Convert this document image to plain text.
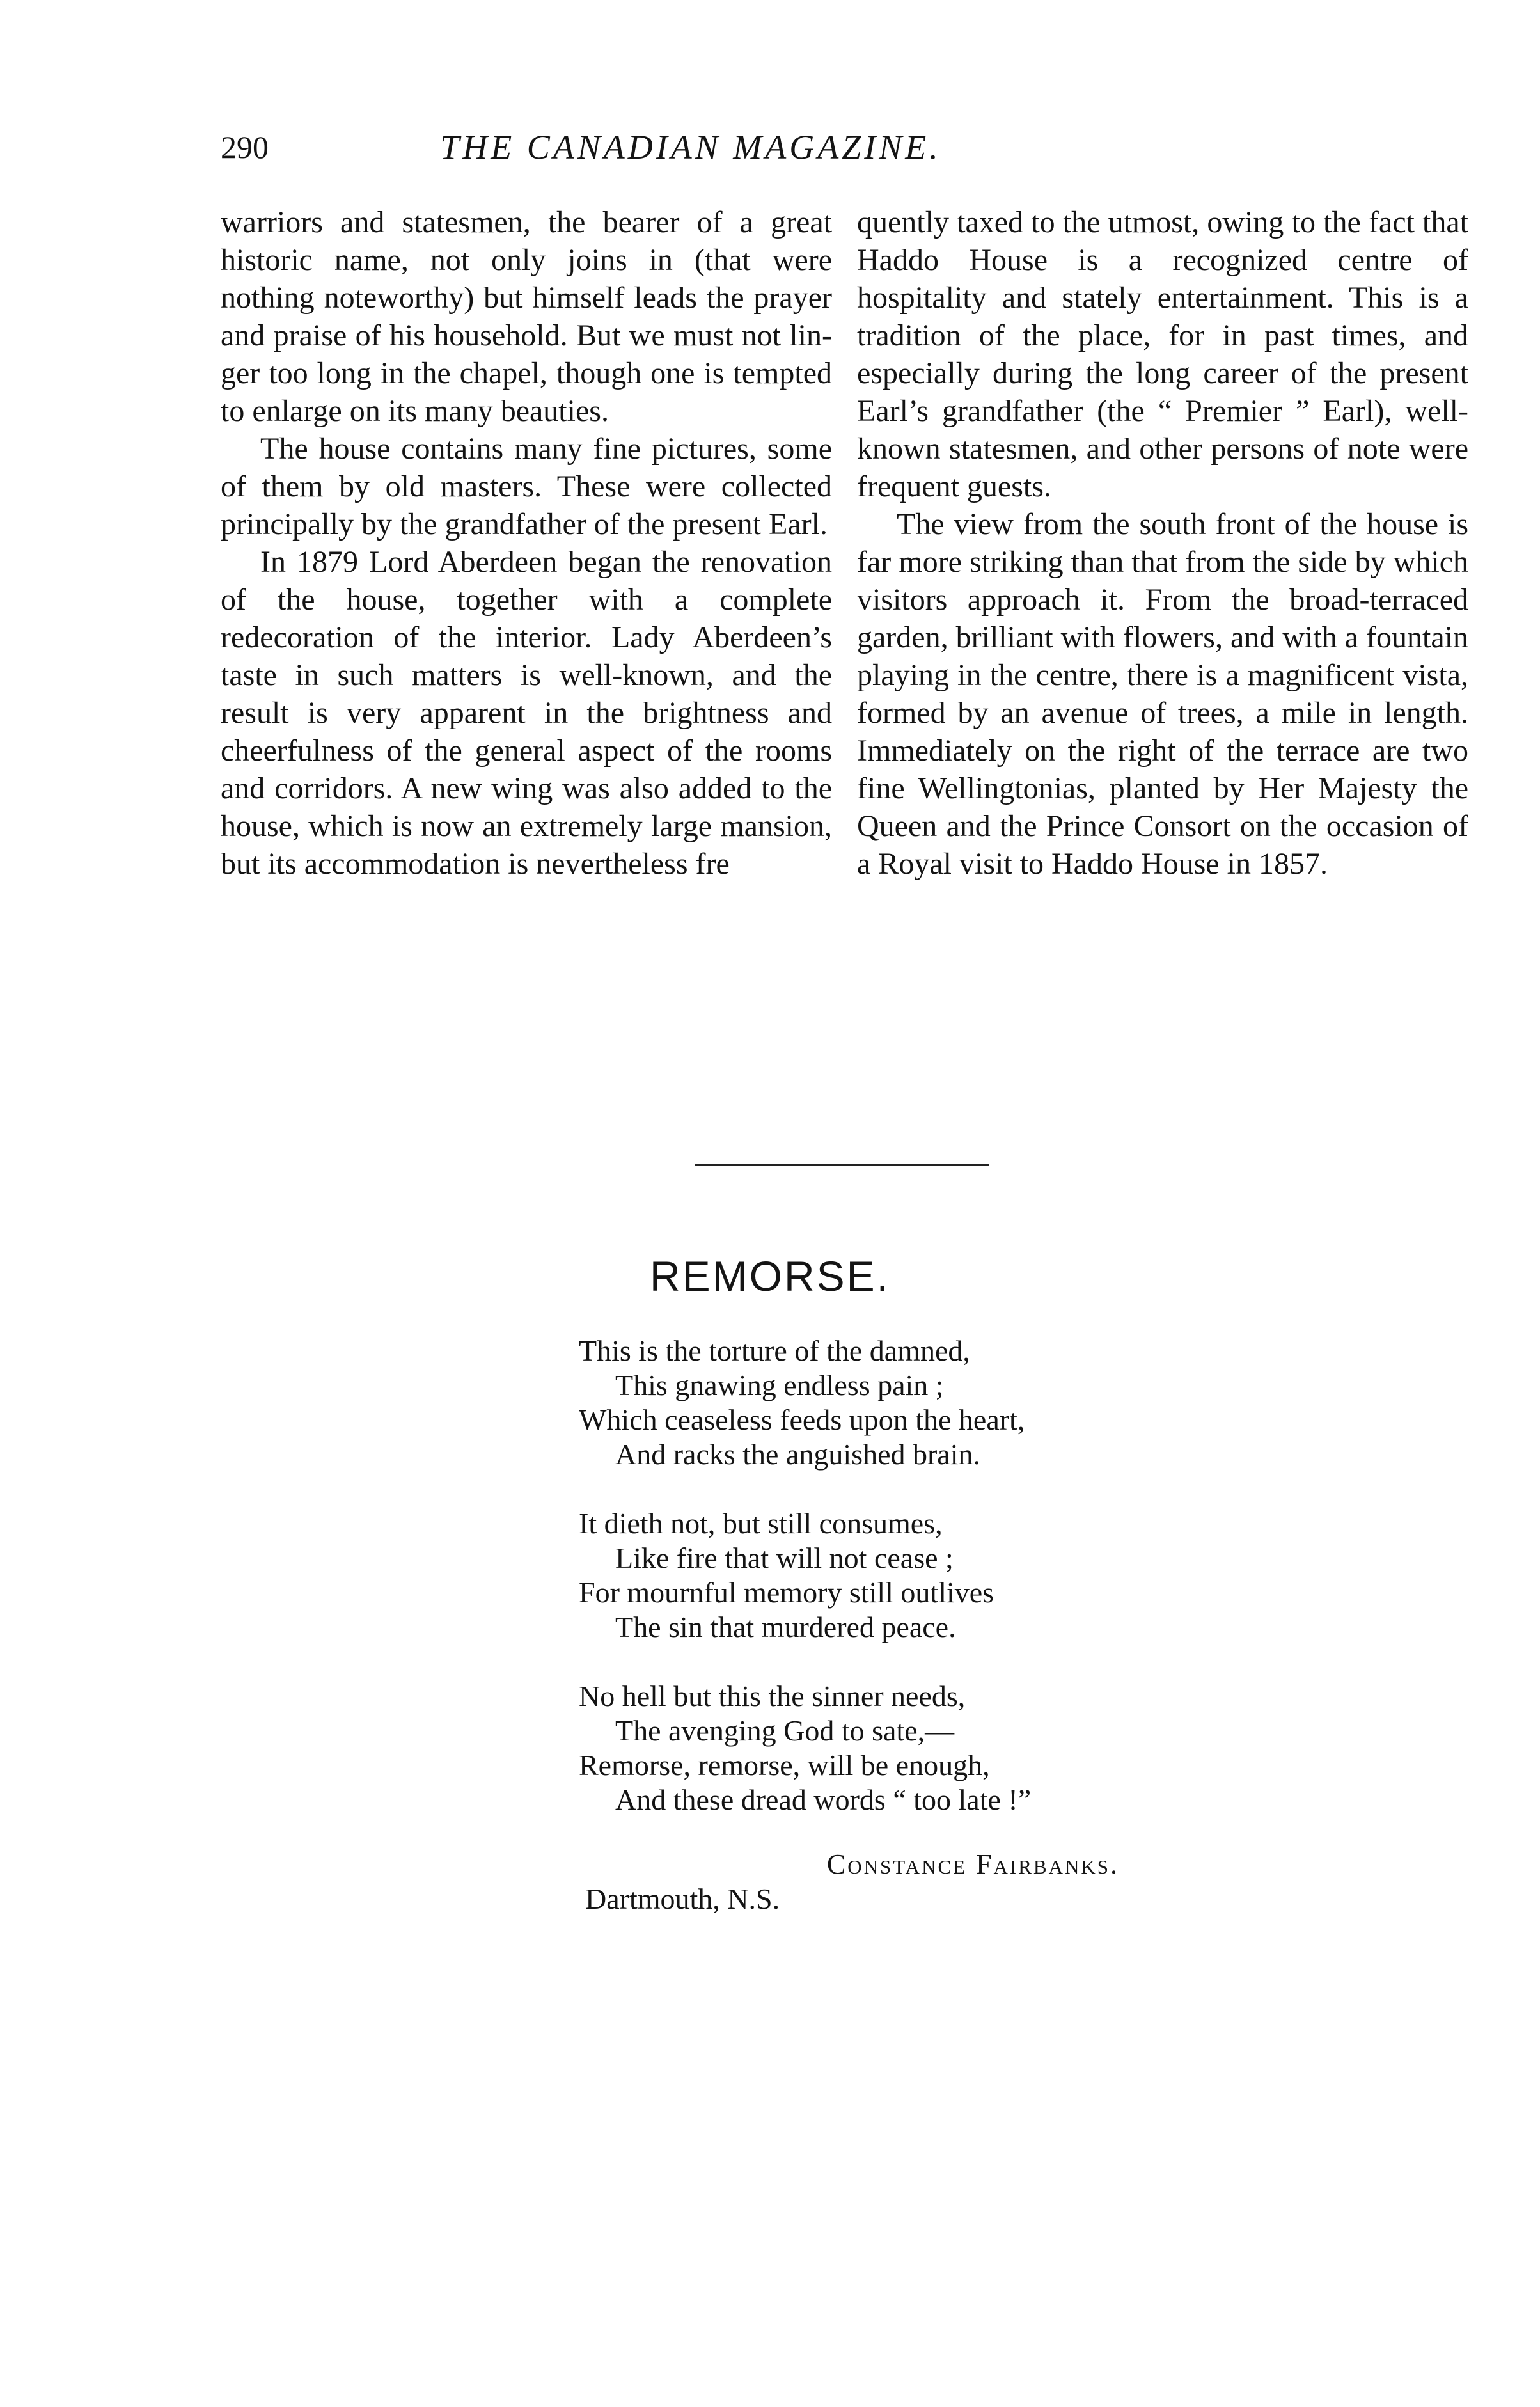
290	THE CANADIAN MAGAZINE.

warriors and statesmen, the bearer of a great historic name, not only joins in (that were nothing noteworthy) but himself leads the prayer and praise of his household. But we must not linger too long in the chapel, though one is tempted to enlarge on its many beauties.

The house contains many fine pictures, some of them by old masters. These were collected principally by the grandfather of the present Earl.

In 1879 Lord Aberdeen began the renovation of the house, together with a complete redecoration of the interior. Lady Aberdeen’s taste in such matters is well-known, and the result is very apparent in the brightness and cheerfulness of the general aspect of the rooms and corridors. A new wing was also added to the house, which is now an extremely large mansion, but its accommodation is nevertheless fre

quently taxed to the utmost, owing to the fact that Haddo House is a recognized centre of hospitality and stately entertainment. This is a tradition of the place, for in past times, and especially during the long career of the present Earl’s grandfather (the “ Premier ” Earl), well-known statesmen, and other persons of note were frequent guests.

The view from the south front of the house is far more striking than that from the side by which visitors approach it. From the broad-terraced garden, brilliant with flowers, and with a fountain playing in the centre, there is a magnificent vista, formed by an avenue of trees, a mile in length. Immediately on the right of the terrace are two fine Wellingtonias, planted by Her Majesty the Queen and the Prince Consort on the occasion of a Royal visit to Haddo House in 1857.

REMORSE.
This is the torture of the damned,
This gnawing endless pain ;
Which ceaseless feeds upon the heart,
And racks the anguished brain.
It dieth not, but still consumes,
Like fire that will not cease ;
For mournful memory still outlives
The sin that murdered peace.
No hell but this the sinner needs,
The avenging God to sate,—
Remorse, remorse, will be enough,
And these dread words “ too late !”
Constance Fairbanks.
Dartmouth, N.S.
